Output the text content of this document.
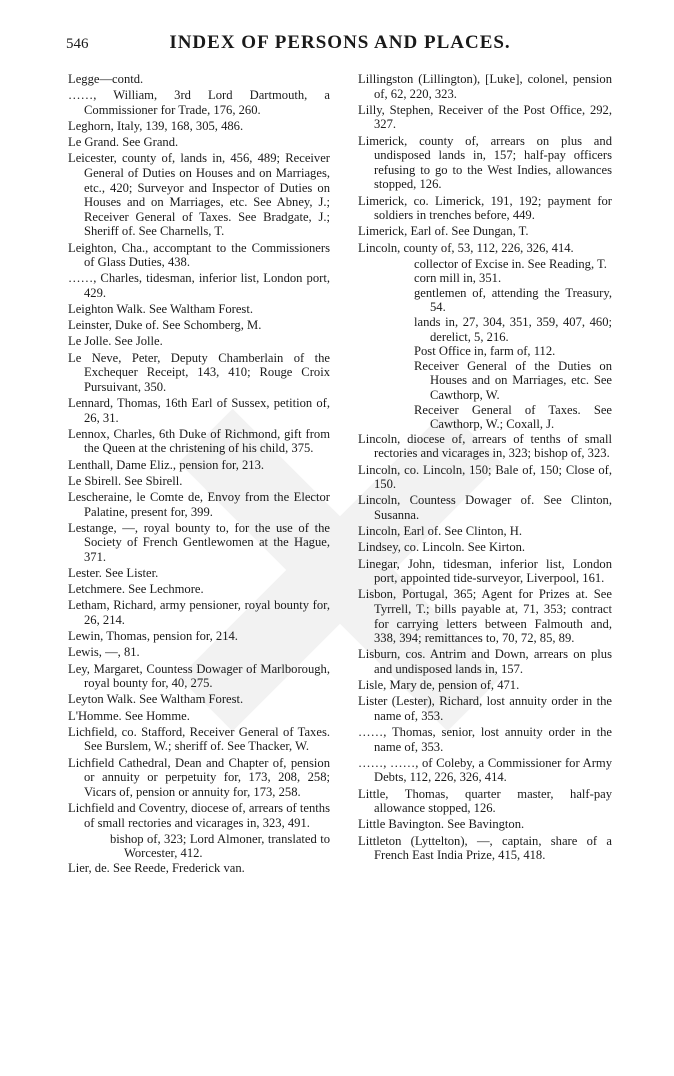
546	INDEX OF PERSONS AND PLACES.
Legge—contd.
……, William, 3rd Lord Dartmouth, a Commissioner for Trade, 176, 260.
Leghorn, Italy, 139, 168, 305, 486.
Le Grand. See Grand.
Leicester, county of, lands in, 456, 489; Receiver General of Duties on Houses and on Marriages, etc., 420; Surveyor and Inspector of Duties on Houses and on Marriages, etc. See Abney, J.; Receiver General of Taxes. See Bradgate, J.; Sheriff of. See Charnells, T.
Leighton, Cha., accomptant to the Commissioners of Glass Duties, 438.
……, Charles, tidesman, inferior list, London port, 429.
Leighton Walk. See Waltham Forest.
Leinster, Duke of. See Schomberg, M.
Le Jolle. See Jolle.
Le Neve, Peter, Deputy Chamberlain of the Exchequer Receipt, 143, 410; Rouge Croix Pursuivant, 350.
Lennard, Thomas, 16th Earl of Sussex, petition of, 26, 31.
Lennox, Charles, 6th Duke of Richmond, gift from the Queen at the christening of his child, 375.
Lenthall, Dame Eliz., pension for, 213.
Le Sbirell. See Sbirell.
Lescheraine, le Comte de, Envoy from the Elector Palatine, present for, 399.
Lestange, —, royal bounty to, for the use of the Society of French Gentlewomen at the Hague, 371.
Lester. See Lister.
Letchmere. See Lechmore.
Letham, Richard, army pensioner, royal bounty for, 26, 214.
Lewin, Thomas, pension for, 214.
Lewis, —, 81.
Ley, Margaret, Countess Dowager of Marlborough, royal bounty for, 40, 275.
Leyton Walk. See Waltham Forest.
L'Homme. See Homme.
Lichfield, co. Stafford, Receiver General of Taxes. See Burslem, W.; sheriff of. See Thacker, W.
Lichfield Cathedral, Dean and Chapter of, pension or annuity or perpetuity for, 173, 208, 258; Vicars of, pension or annuity for, 173, 258.
Lichfield and Coventry, diocese of, arrears of tenths of small rectories and vicarages in, 323, 491.
bishop of, 323; Lord Almoner, translated to Worcester, 412.
Lier, de. See Reede, Frederick van.
Lillingston (Lillington), [Luke], colonel, pension of, 62, 220, 323.
Lilly, Stephen, Receiver of the Post Office, 292, 327.
Limerick, county of, arrears on plus and undisposed lands in, 157; half-pay officers refusing to go to the West Indies, allowances stopped, 126.
Limerick, co. Limerick, 191, 192; payment for soldiers in trenches before, 449.
Limerick, Earl of. See Dungan, T.
Lincoln, county of, 53, 112, 226, 326, 414.
collector of Excise in. See Reading, T.
corn mill in, 351.
gentlemen of, attending the Treasury, 54.
lands in, 27, 304, 351, 359, 407, 460; derelict, 5, 216.
Post Office in, farm of, 112.
Receiver General of the Duties on Houses and on Marriages, etc. See Cawthorp, W.
Receiver General of Taxes. See Cawthorp, W.; Coxall, J.
Lincoln, diocese of, arrears of tenths of small rectories and vicarages in, 323; bishop of, 323.
Lincoln, co. Lincoln, 150; Bale of, 150; Close of, 150.
Lincoln, Countess Dowager of. See Clinton, Susanna.
Lincoln, Earl of. See Clinton, H.
Lindsey, co. Lincoln. See Kirton.
Linegar, John, tidesman, inferior list, London port, appointed tide-surveyor, Liverpool, 161.
Lisbon, Portugal, 365; Agent for Prizes at. See Tyrrell, T.; bills payable at, 71, 353; contract for carrying letters between Falmouth and, 338, 394; remittances to, 70, 72, 85, 89.
Lisburn, cos. Antrim and Down, arrears on plus and undisposed lands in, 157.
Lisle, Mary de, pension of, 471.
Lister (Lester), Richard, lost annuity order in the name of, 353.
……, Thomas, senior, lost annuity order in the name of, 353.
……, ……, of Coleby, a Commissioner for Army Debts, 112, 226, 326, 414.
Little, Thomas, quarter master, half-pay allowance stopped, 126.
Little Bavington. See Bavington.
Littleton (Lyttelton), —, captain, share of a French East India Prize, 415, 418.
